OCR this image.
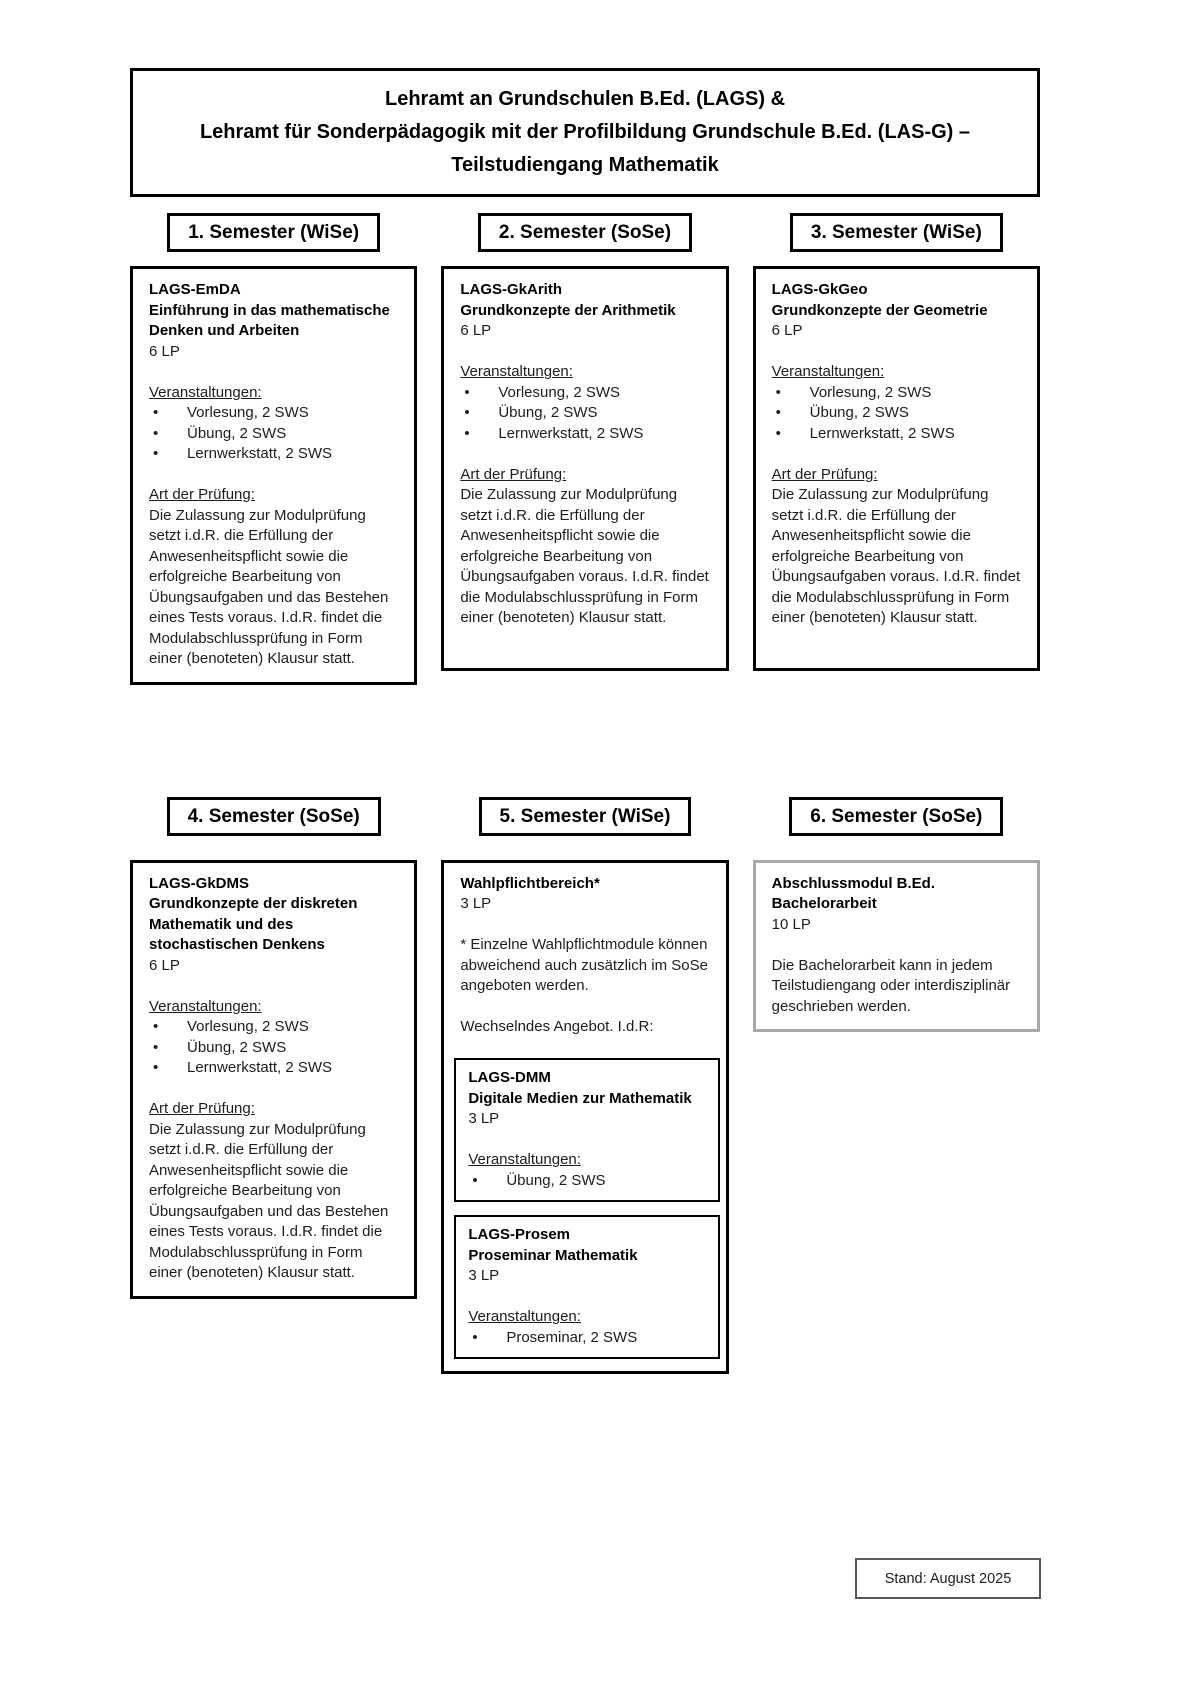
Lehramt an Grundschulen B.Ed. (LAGS) &
Lehramt für Sonderpädagogik mit der Profilbildung Grundschule B.Ed. (LAS-G) –
Teilstudiengang Mathematik
1. Semester (WiSe)	2. Semester (SoSe)	3. Semester (WiSe)
LAGS-EmDA
Einführung in das mathematische Denken und Arbeiten
6 LP
Veranstaltungen:
• Vorlesung, 2 SWS
• Übung, 2 SWS
• Lernwerkstatt, 2 SWS
Art der Prüfung:
Die Zulassung zur Modulprüfung setzt i.d.R. die Erfüllung der Anwesenheitspflicht sowie die erfolgreiche Bearbeitung von Übungsaufgaben und das Bestehen eines Tests voraus. I.d.R. findet die Modulabschlussprüfung in Form einer (benoteten) Klausur statt.
LAGS-GkArith
Grundkonzepte der Arithmetik
6 LP
Veranstaltungen:
• Vorlesung, 2 SWS
• Übung, 2 SWS
• Lernwerkstatt, 2 SWS
Art der Prüfung:
Die Zulassung zur Modulprüfung setzt i.d.R. die Erfüllung der Anwesenheitspflicht sowie die erfolgreiche Bearbeitung von Übungsaufgaben voraus. I.d.R. findet die Modulabschlussprüfung in Form einer (benoteten) Klausur statt.
LAGS-GkGeo
Grundkonzepte der Geometrie
6 LP
Veranstaltungen:
• Vorlesung, 2 SWS
• Übung, 2 SWS
• Lernwerkstatt, 2 SWS
Art der Prüfung:
Die Zulassung zur Modulprüfung setzt i.d.R. die Erfüllung der Anwesenheitspflicht sowie die erfolgreiche Bearbeitung von Übungsaufgaben voraus. I.d.R. findet die Modulabschlussprüfung in Form einer (benoteten) Klausur statt.
4. Semester (SoSe)	5. Semester (WiSe)	6. Semester (SoSe)
LAGS-GkDMS
Grundkonzepte der diskreten Mathematik und des stochastischen Denkens
6 LP
Veranstaltungen:
• Vorlesung, 2 SWS
• Übung, 2 SWS
• Lernwerkstatt, 2 SWS
Art der Prüfung:
Die Zulassung zur Modulprüfung setzt i.d.R. die Erfüllung der Anwesenheitspflicht sowie die erfolgreiche Bearbeitung von Übungsaufgaben und das Bestehen eines Tests voraus. I.d.R. findet die Modulabschlussprüfung in Form einer (benoteten) Klausur statt.
Wahlpflichtbereich*
3 LP
* Einzelne Wahlpflichtmodule können abweichend auch zusätzlich im SoSe angeboten werden.
Wechselndes Angebot. I.d.R:
LAGS-DMM
Digitale Medien zur Mathematik
3 LP
Veranstaltungen:
• Übung, 2 SWS
LAGS-Prosem
Proseminar Mathematik
3 LP
Veranstaltungen:
• Proseminar, 2 SWS
Abschlussmodul B.Ed.
Bachelorarbeit
10 LP
Die Bachelorarbeit kann in jedem Teilstudiengang oder interdisziplinär geschrieben werden.
Stand: August 2025
